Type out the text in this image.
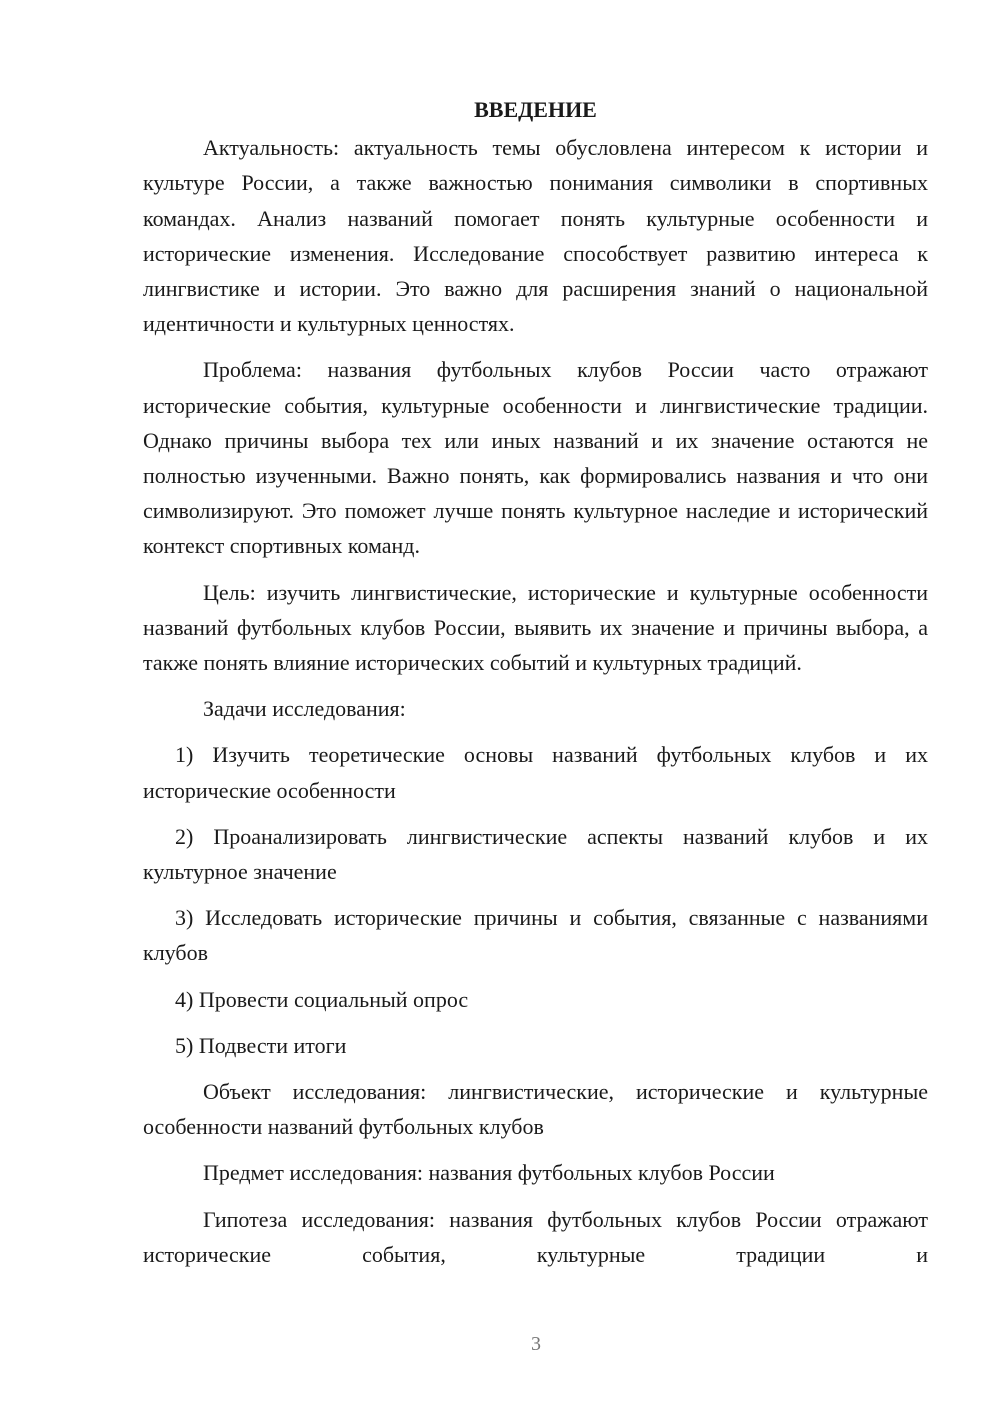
ВВЕДЕНИЕ

Актуальность: актуальность темы обусловлена интересом к истории и культуре России, а также важностью понимания символики в спортивных командах. Анализ названий помогает понять культурные особенности и исторические изменения. Исследование способствует развитию интереса к лингвистике и истории. Это важно для расширения знаний о национальной идентичности и культурных ценностях.

Проблема: названия футбольных клубов России часто отражают исторические события, культурные особенности и лингвистические традиции. Однако причины выбора тех или иных названий и их значение остаются не полностью изученными. Важно понять, как формировались названия и что они символизируют. Это поможет лучше понять культурное наследие и исторический контекст спортивных команд.

Цель: изучить лингвистические, исторические и культурные особенности названий футбольных клубов России, выявить их значение и причины выбора, а также понять влияние исторических событий и культурных традиций.

Задачи исследования:

1) Изучить теоретические основы названий футбольных клубов и их исторические особенности

2) Проанализировать лингвистические аспекты названий клубов и их культурное значение

3) Исследовать исторические причины и события, связанные с названиями клубов

4) Провести социальный опрос

5) Подвести итоги

Объект исследования: лингвистические, исторические и культурные особенности названий футбольных клубов

Предмет исследования: названия футбольных клубов России

Гипотеза исследования: названия футбольных клубов России отражают исторические события, культурные традиции и

3
